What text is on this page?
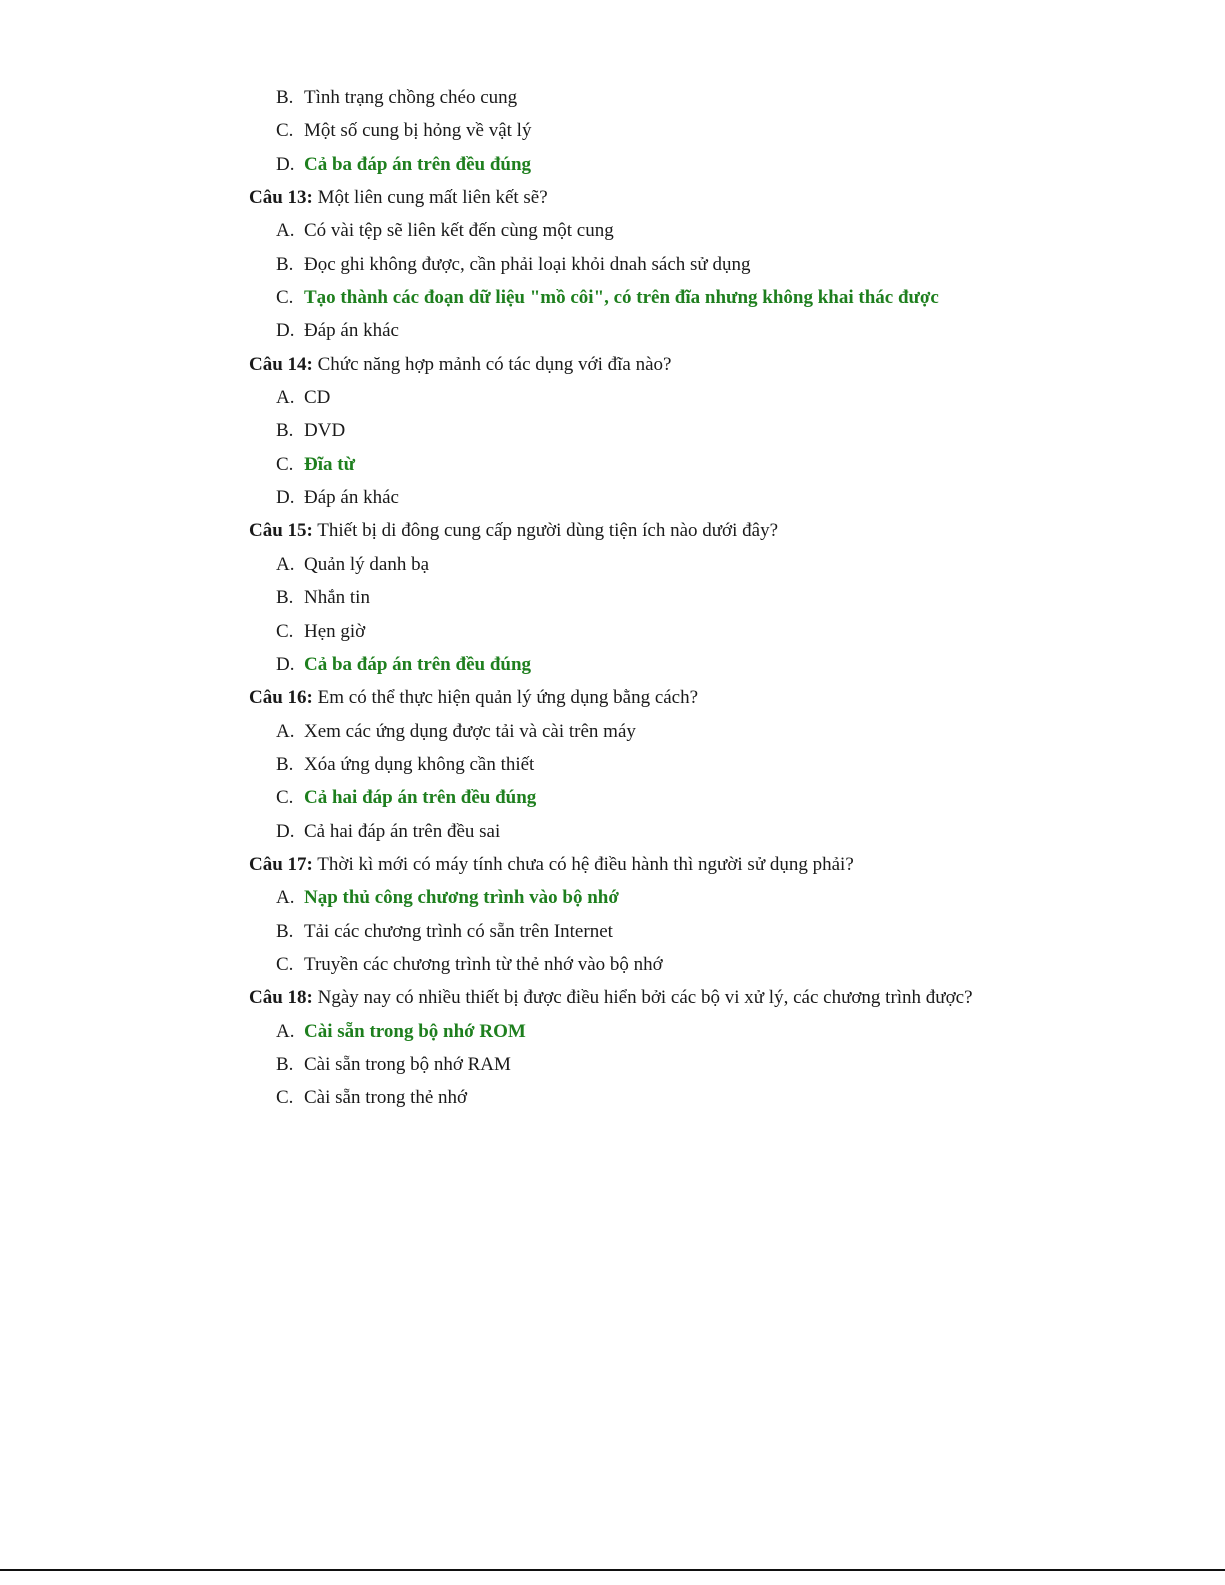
B. Tình trạng chồng chéo cung
C. Một số cung bị hỏng về vật lý
D. Cả ba đáp án trên đều đúng
Câu 13: Một liên cung mất liên kết sẽ?
A. Có vài tệp sẽ liên kết đến cùng một cung
B. Đọc ghi không được, cần phải loại khỏi dnah sách sử dụng
C. Tạo thành các đoạn dữ liệu "mồ côi", có trên đĩa nhưng không khai thác được
D. Đáp án khác
Câu 14: Chức năng hợp mảnh có tác dụng với đĩa nào?
A. CD
B. DVD
C. Đĩa từ
D. Đáp án khác
Câu 15: Thiết bị di đông cung cấp người dùng tiện ích nào dưới đây?
A. Quản lý danh bạ
B. Nhắn tin
C. Hẹn giờ
D. Cả ba đáp án trên đều đúng
Câu 16: Em có thể thực hiện quản lý ứng dụng bằng cách?
A. Xem các ứng dụng được tải và cài trên máy
B. Xóa ứng dụng không cần thiết
C. Cả hai đáp án trên đều đúng
D. Cả hai đáp án trên đều sai
Câu 17: Thời kì mới có máy tính chưa có hệ điều hành thì người sử dụng phải?
A. Nạp thủ công chương trình vào bộ nhớ
B. Tải các chương trình có sẵn trên Internet
C. Truyền các chương trình từ thẻ nhớ vào bộ nhớ
Câu 18: Ngày nay có nhiều thiết bị được điều hiển bởi các bộ vi xử lý, các chương trình được?
A. Cài sẵn trong bộ nhớ ROM
B. Cài sẵn trong bộ nhớ RAM
C. Cài sẵn trong thẻ nhớ
